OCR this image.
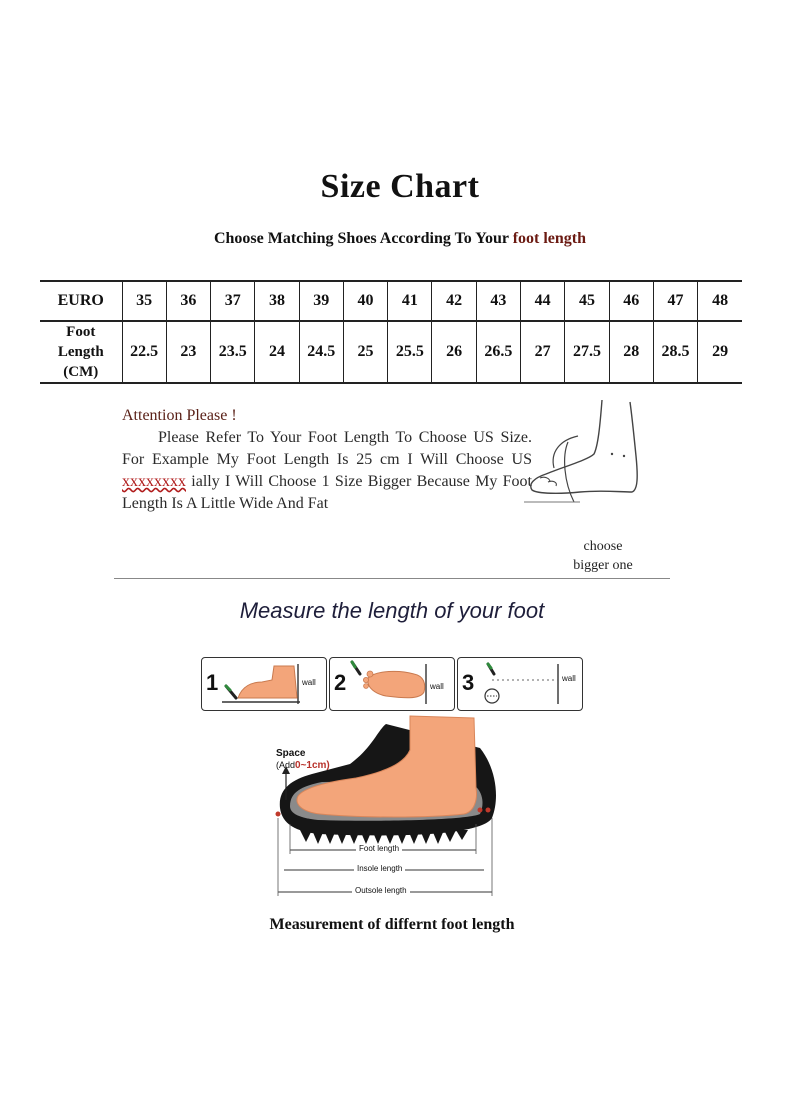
Size Chart
Choose Matching Shoes According To Your foot length
EURO	35	36	37	38	39	40	41	42	43	44	45	46	47	48

Foot
Length
(CM)	22.5	23	23.5	24	24.5	25	25.5	26	26.5	27	27.5	28	28.5	29
Attention Please !
Please Refer To Your Foot Length To Choose US Size. For Example My Foot Length Is 25 cm I Will Choose US xxxxxxxx ially I Will Choose 1 Size Bigger Because My Foot Length Is A Little Wide And Fat
choose
bigger one
Measure the length of your foot
1	wall 2	wall 3	wall
Space
(Add0~1cm)
Foot length
Insole length
Outsole length
Measurement of differnt foot length
